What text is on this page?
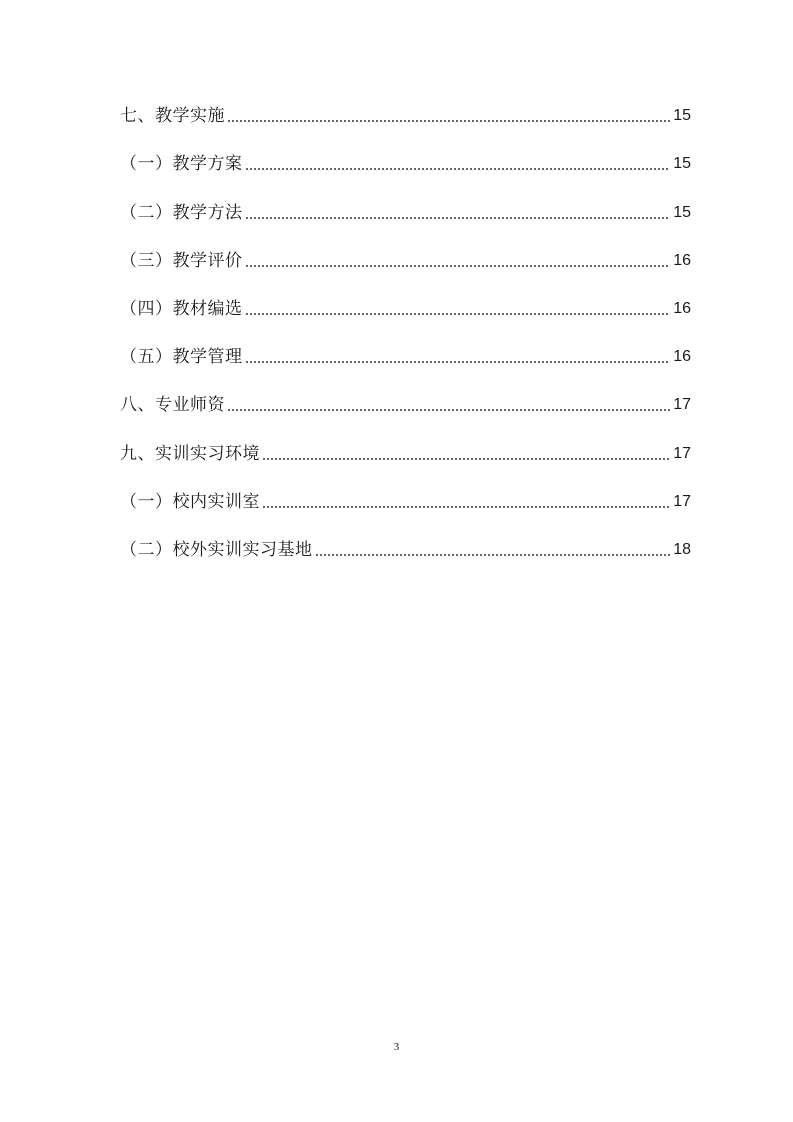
七、教学实施	15
（一）教学方案	15
（二）教学方法	15
（三）教学评价	16
（四）教材编选	16
（五）教学管理	16
八、专业师资	17
九、实训实习环境	17
（一）校内实训室	17
（二）校外实训实习基地	18
3
